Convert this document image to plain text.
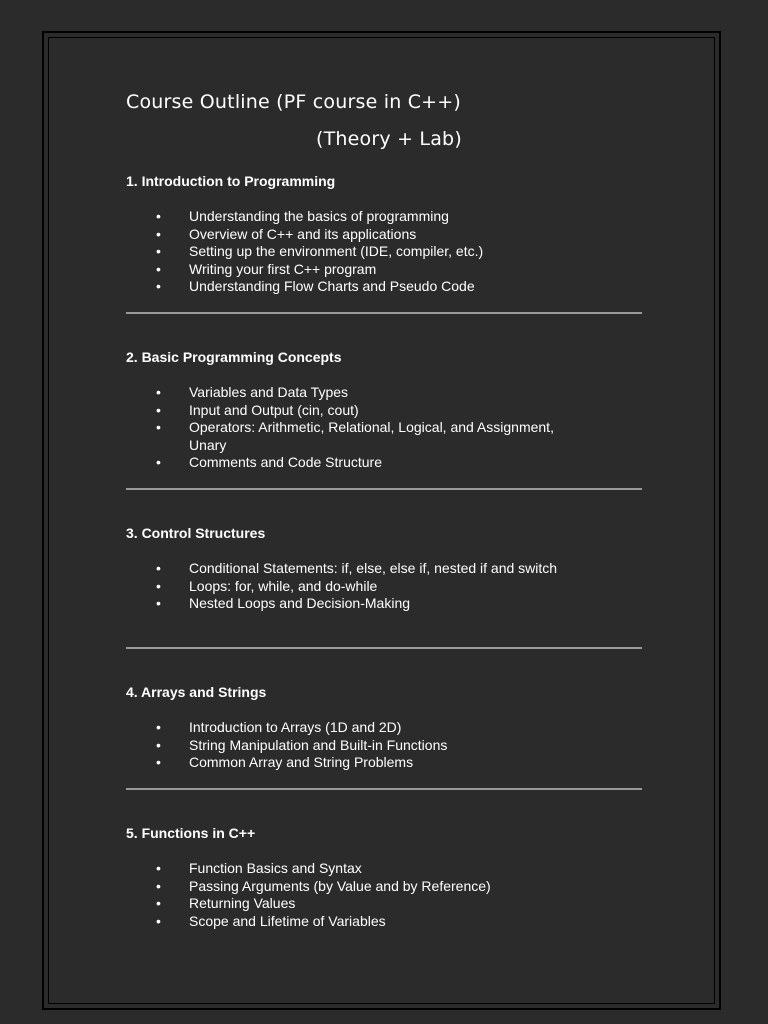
Course Outline (PF course in C++)
(Theory + Lab)
1. Introduction to Programming
• Understanding the basics of programming
• Overview of C++ and its applications
• Setting up the environment (IDE, compiler, etc.)
• Writing your first C++ program
• Understanding Flow Charts and Pseudo Code
2. Basic Programming Concepts
• Variables and Data Types
• Input and Output (cin, cout)
• Operators: Arithmetic, Relational, Logical, and Assignment, Unary
• Comments and Code Structure
3. Control Structures
• Conditional Statements: if, else, else if, nested if and switch
• Loops: for, while, and do-while
• Nested Loops and Decision-Making
4. Arrays and Strings
• Introduction to Arrays (1D and 2D)
• String Manipulation and Built-in Functions
• Common Array and String Problems
5. Functions in C++
• Function Basics and Syntax
• Passing Arguments (by Value and by Reference)
• Returning Values
• Scope and Lifetime of Variables
